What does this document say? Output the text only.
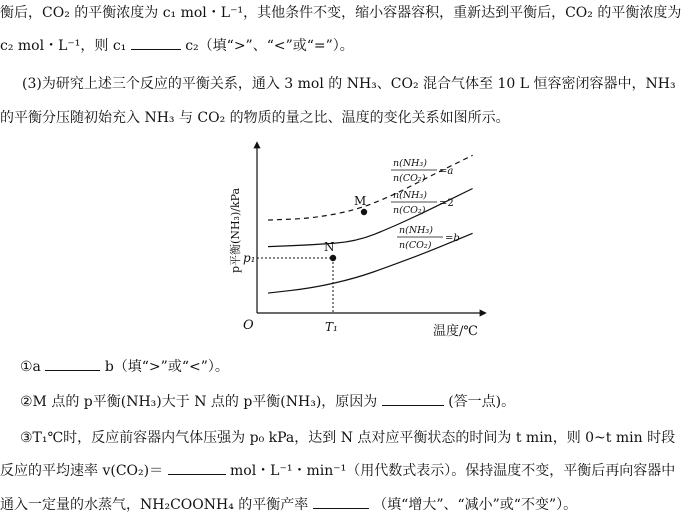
衡后，CO₂ 的平衡浓度为 c₁ mol・L⁻¹，其他条件不变，缩小容器容积，重新达到平衡后，CO₂ 的平衡浓度为
c₂ mol・L⁻¹，则 c₁	c₂（填“>”、“<”或“=”）。
(3)为研究上述三个反应的平衡关系，通入 3 mol 的 NH₃、CO₂ 混合气体至 10 L 恒容密闭容器中，NH₃
的平衡分压随初始充入 NH₃ 与 CO₂ 的物质的量之比、温度的变化关系如图所示。
O
p平衡(NH₃)/kPa
温度/℃
p₁
T₁
M
N
n(NH₃)
n(CO₂)
=a
n(NH₃)
n(CO₂)
=2
n(NH₃)
n(CO₂)
=b
①a	b（填“>”或“<”）。
②M 点的 p平衡(NH₃)大于 N 点的 p平衡(NH₃)，原因为	(答一点)。
③T₁℃时，反应前容器内气体压强为 p₀ kPa，达到 N 点对应平衡状态的时间为 t min，则 0~t min 时段
反应的平均速率 v(CO₂)＝	mol・L⁻¹・min⁻¹（用代数式表示）。保持温度不变，平衡后再向容器中
通入一定量的水蒸气，NH₂COONH₄ 的平衡产率	（填“增大”、“减小”或“不变”）。
